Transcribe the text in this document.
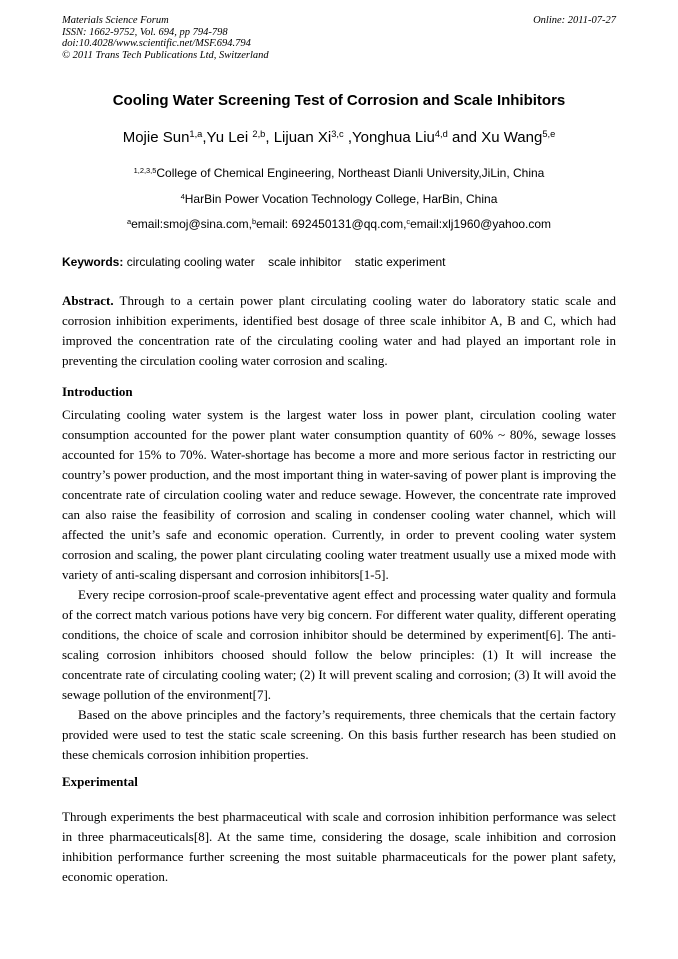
Materials Science Forum
ISSN: 1662-9752, Vol. 694, pp 794-798
doi:10.4028/www.scientific.net/MSF.694.794
© 2011 Trans Tech Publications Ltd, Switzerland
Online: 2011-07-27
Cooling Water Screening Test of Corrosion and Scale Inhibitors
Mojie Sun$^{1,a}$,Yu Lei $^{2,b}$, Lijuan Xi$^{3,c}$ ,Yonghua Liu$^{4,d}$ and Xu Wang$^{5,e}$
$^{1,2,3,5}$College of Chemical Engineering, Northeast Dianli University,JiLin, China
$^4$HarBin Power Vocation Technology College, HarBin, China
$^a$email:smoj@sina.com,$^b$email: 692450131@qq.com,$^c$email:xlj1960@yahoo.com
Keywords: circulating cooling water    scale inhibitor    static experiment
Abstract. Through to a certain power plant circulating cooling water do laboratory static scale and corrosion inhibition experiments, identified best dosage of three scale inhibitor A, B and C, which had improved the concentration rate of the circulating cooling water and had played an important role in preventing the circulation cooling water corrosion and scaling.
Introduction

Circulating cooling water system is the largest water loss in power plant, circulation cooling water consumption accounted for the power plant water consumption quantity of 60% ~ 80%, sewage losses accounted for 15% to 70%. Water-shortage has become a more and more serious factor in restricting our country’s power production, and the most important thing in water-saving of power plant is improving the concentrate rate of circulation cooling water and reduce sewage. However, the concentrate rate improved can also raise the feasibility of corrosion and scaling in condenser cooling water channel, which will affected the unit’s safe and economic operation. Currently, in order to prevent cooling water system corrosion and scaling, the power plant circulating cooling water treatment usually use a mixed mode with variety of anti-scaling dispersant and corrosion inhibitors[1-5].

Every recipe corrosion-proof scale-preventative agent effect and processing water quality and formula of the correct match various potions have very big concern. For different water quality, different operating conditions, the choice of scale and corrosion inhibitor should be determined by experiment[6]. The anti-scaling corrosion inhibitors choosed should follow the below principles: (1) It will increase the concentrate rate of circulating cooling water; (2) It will prevent scaling and corrosion; (3) It will avoid the sewage pollution of the environment[7].

Based on the above principles and the factory’s requirements, three chemicals that the certain factory provided were used to test the static scale screening. On this basis further research has been studied on these chemicals corrosion inhibition properties.

Experimental

Through experiments the best pharmaceutical with scale and corrosion inhibition performance was select in three pharmaceuticals[8]. At the same time, considering the dosage, scale inhibition and corrosion inhibition performance further screening the most suitable pharmaceuticals for the power plant safety, economic operation.
